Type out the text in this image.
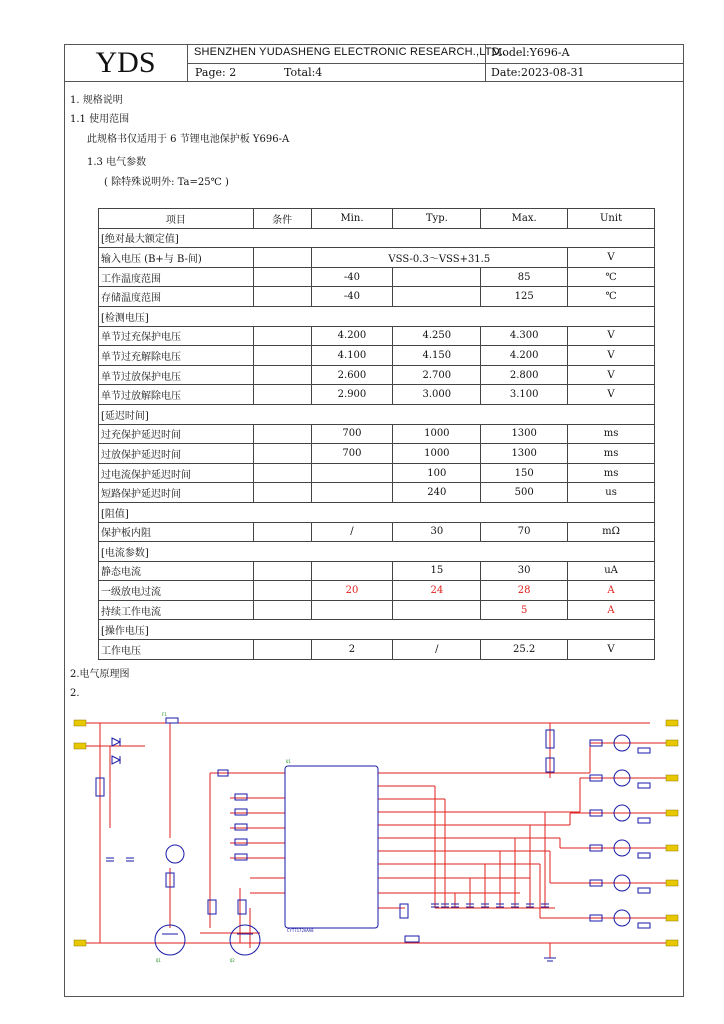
YDS	SHENZHEN YUDASHENG ELECTRONIC RESEARCH.,LTD..
Page: 2	Total:4
Model:Y696-A
Date:2023-08-31
1. 规格说明
1.1 使用范围
此规格书仅适用于 6 节锂电池保护板 Y696-A
1.3 电气参数
( 除特殊说明外: Ta=25℃ )
项目	条件	Min.	Typ.	Max.	Unit
[绝对最大额定值]					
输入电压 (B+与 B-间)		VSS-0.3～VSS+31.5			V
工作温度范围		-40		85	℃
存储温度范围		-40		125	℃
[检测电压]					
单节过充保护电压		4.200	4.250	4.300	V
单节过充解除电压		4.100	4.150	4.200	V
单节过放保护电压		2.600	2.700	2.800	V
单节过放解除电压		2.900	3.000	3.100	V
[延迟时间]					
过充保护延迟时间		700	1000	1300	ms
过放保护延迟时间		700	1000	1300	ms
过电流保护延迟时间			100	150	ms
短路保护延迟时间			240	500	us
[阻值]					
保护板内阻		/	30	70	mΩ
[电流参数]					
静态电流			15	30	uA
一级放电过流		20	24	28	A
持续工作电流				5	A
[操作电压]					
工作电压		2	/	25.2	V
2.电气原理图
2.
CYT7172AAA8
U1
F1
Q1	Q2
